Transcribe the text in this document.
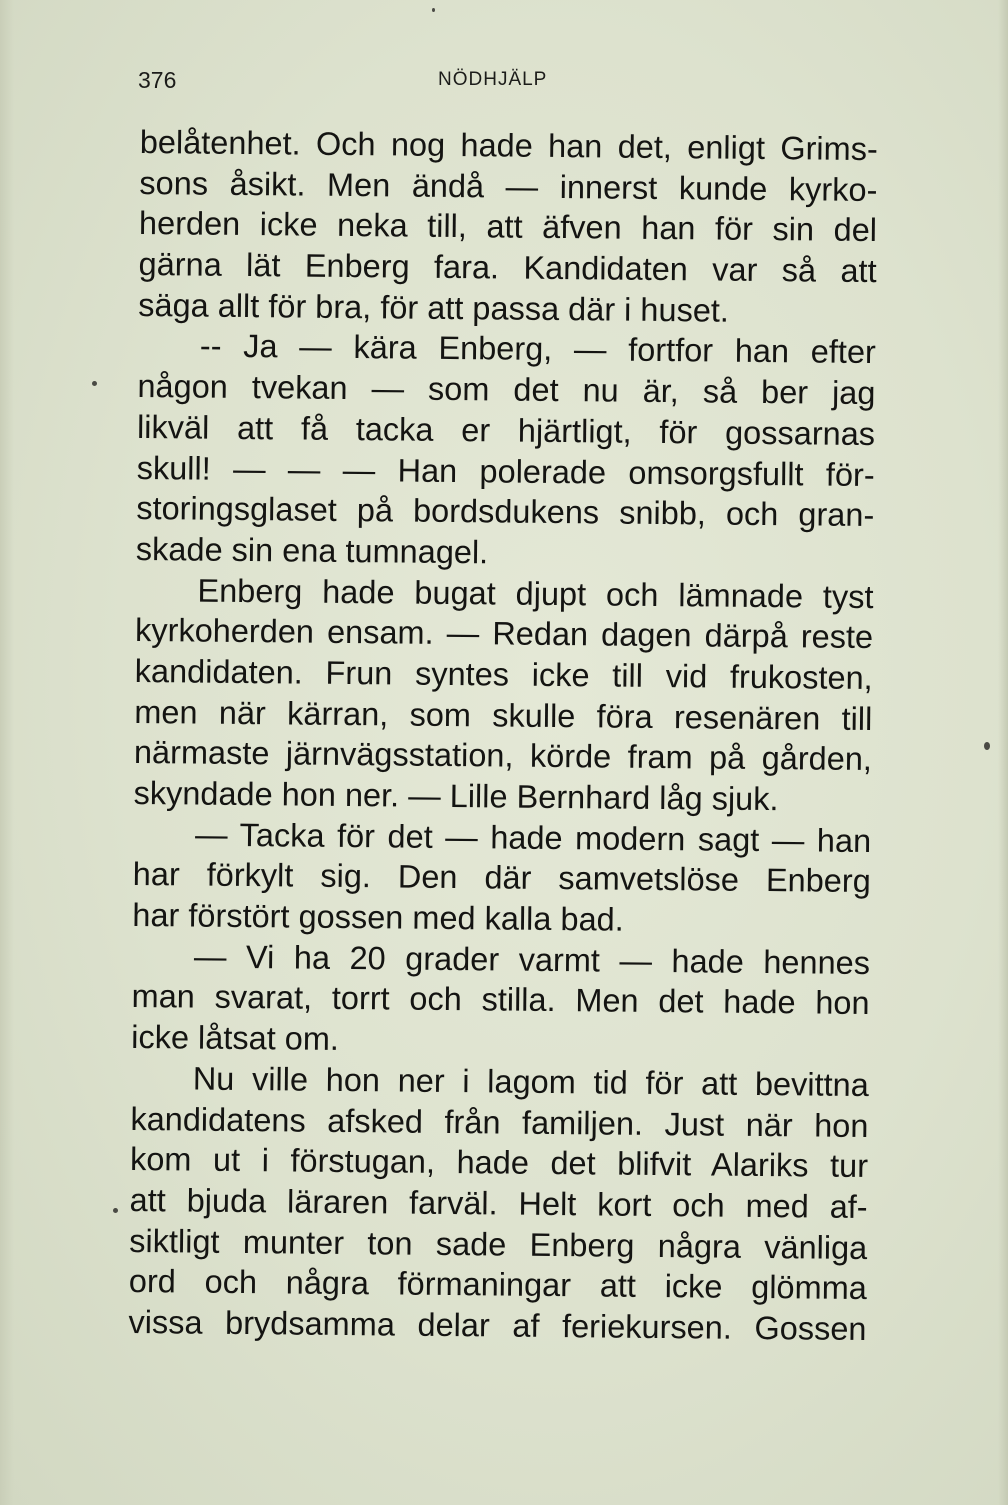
376	NÖDHJÄLP
belåtenhet. Och nog hade han det, enligt Grims-
sons åsikt. Men ändå — innerst kunde kyrko-
herden icke neka till, att äfven han för sin del
gärna lät Enberg fara. Kandidaten var så att
säga allt för bra, för att passa där i huset.
-- Ja — kära Enberg, — fortfor han efter
någon tvekan — som det nu är, så ber jag
likväl att få tacka er hjärtligt, för gossarnas
skull! — — — Han polerade omsorgsfullt för-
storingsglaset på bordsdukens snibb, och gran-
skade sin ena tumnagel.
Enberg hade bugat djupt och lämnade tyst
kyrkoherden ensam. — Redan dagen därpå reste
kandidaten. Frun syntes icke till vid frukosten,
men när kärran, som skulle föra resenären till
närmaste järnvägsstation, körde fram på gården,
skyndade hon ner. — Lille Bernhard låg sjuk.
— Tacka för det — hade modern sagt — han
har förkylt sig. Den där samvetslöse Enberg
har förstört gossen med kalla bad.
— Vi ha 20 grader varmt — hade hennes
man svarat, torrt och stilla. Men det hade hon
icke låtsat om.
Nu ville hon ner i lagom tid för att bevittna
kandidatens afsked från familjen. Just när hon
kom ut i förstugan, hade det blifvit Alariks tur
att bjuda läraren farväl. Helt kort och med af-
siktligt munter ton sade Enberg några vänliga
ord och några förmaningar att icke glömma
vissa brydsamma delar af feriekursen. Gossen
